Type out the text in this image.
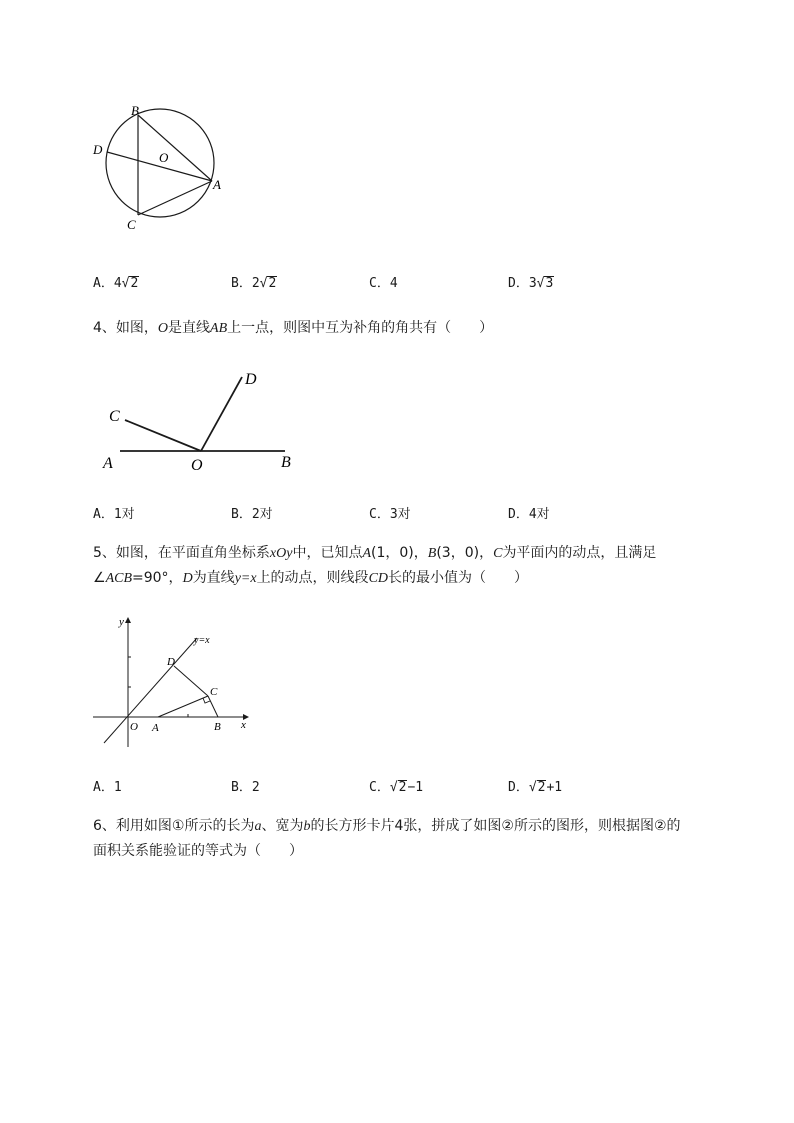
B
D
O
A
C
A．4√2	B．2√2	C．4	D．3√3
4、如图，O是直线AB上一点，则图中互为补角的角共有（　　）
C
D
A	O	B
A．1对	B．2对	C．3对	D．4对
5、如图，在平面直角坐标系xOy中，已知点A(1，0)，B(3，0)，C为平面内的动点，且满足
∠ACB=90°，D为直线y=x上的动点，则线段CD长的最小值为（　　）
y
y=x
D
C
O A	B x
A．1	B．2	C．√2−1	D．√2+1
6、利用如图①所示的长为a、宽为b的长方形卡片4张，拼成了如图②所示的图形，则根据图②的
面积关系能验证的等式为（　　）
